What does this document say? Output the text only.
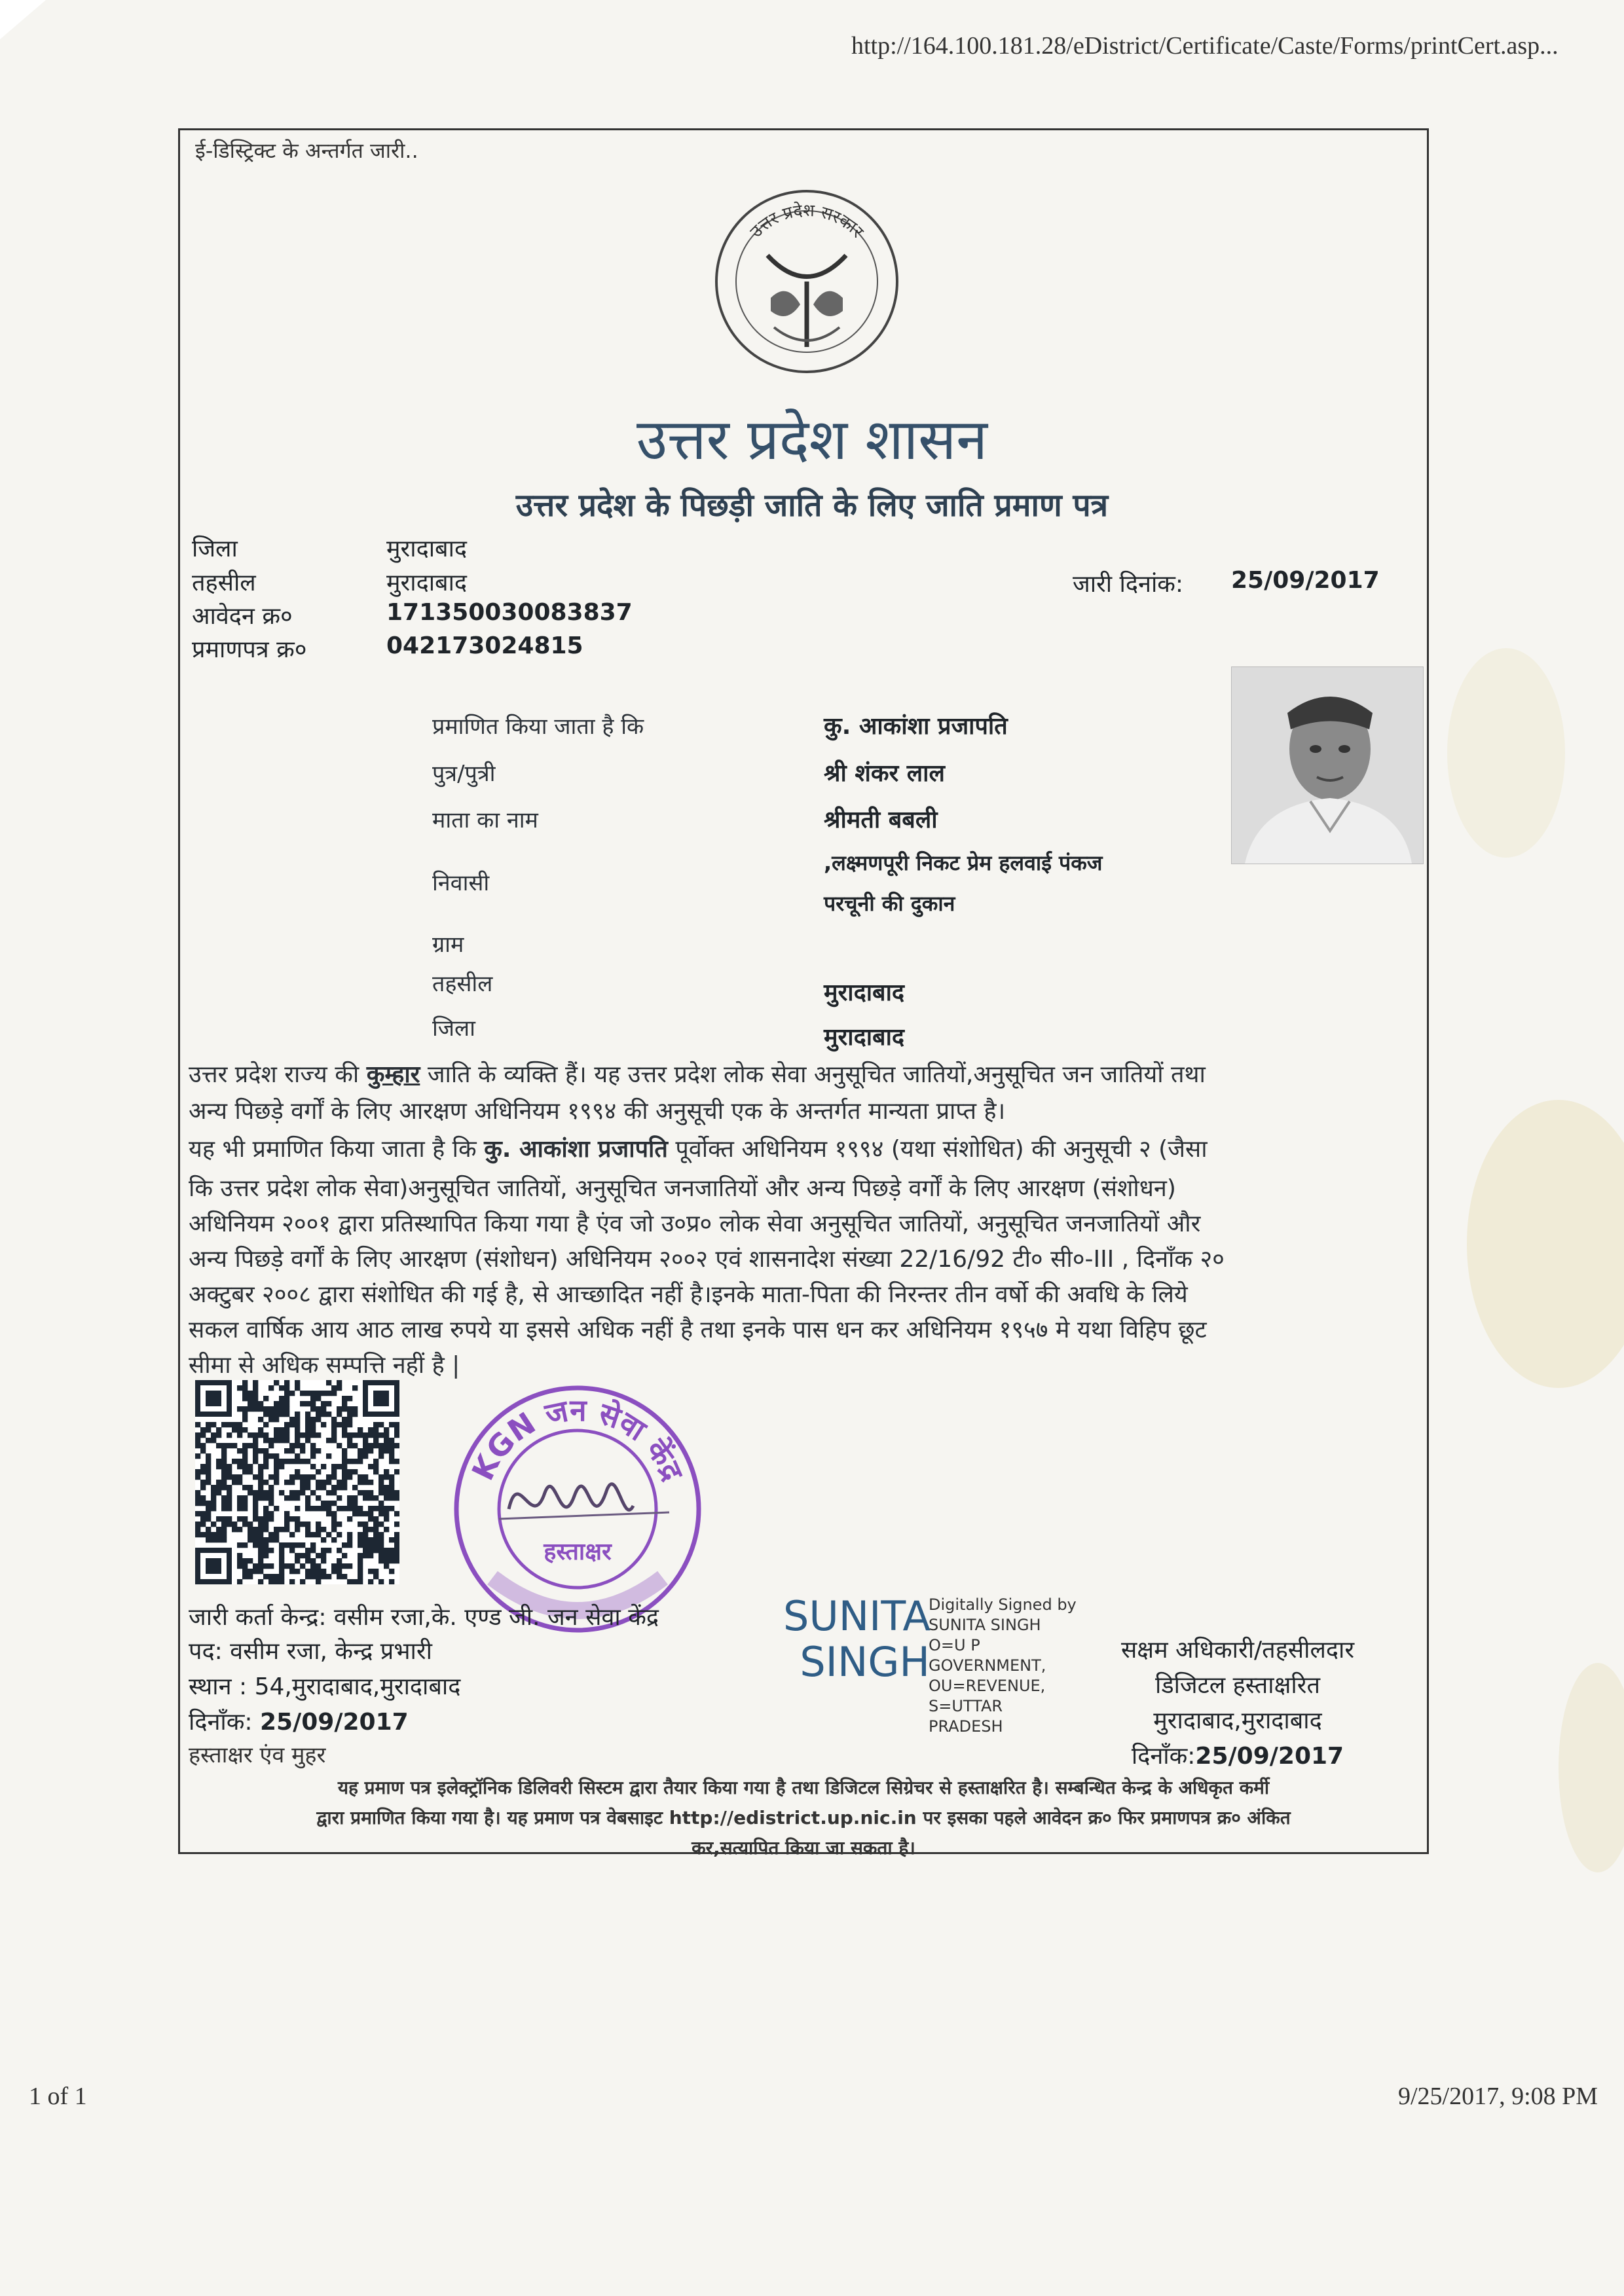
http://164.100.181.28/eDistrict/Certificate/Caste/Forms/printCert.asp...
1 of 1	9/25/2017, 9:08 PM
ई-डिस्ट्रिक्ट के अन्तर्गत जारी..
उत्तर प्रदेश सरकार
उत्तर प्रदेश शासन
उत्तर प्रदेश के पिछड़ी जाति के लिए जाति प्रमाण पत्र
जिला	मुरादाबाद
तहसील	मुरादाबाद
आवेदन क्र०	171350030083837
प्रमाणपत्र क्र०	042173024815
जारी दिनांक: 25/09/2017
प्रमाणित किया जाता है कि	कु. आकांशा प्रजापति
पुत्र/पुत्री	श्री शंकर लाल
माता का नाम	श्रीमती बबली
निवासी
,लक्ष्मणपूरी निकट प्रेम हलवाई पंकज
परचूनी की दुकान
ग्राम
तहसील	मुरादाबाद
जिला	मुरादाबाद
उत्तर प्रदेश राज्य की कुम्हार जाति के व्यक्ति हैं। यह उत्तर प्रदेश लोक सेवा अनुसूचित जातियों,अनुसूचित जन जातियों तथा
अन्य पिछड़े वर्गों के लिए आरक्षण अधिनियम १९९४ की अनुसूची एक के अन्तर्गत मान्यता प्राप्त है।
यह भी प्रमाणित किया जाता है कि कु. आकांशा प्रजापति पूर्वोक्त अधिनियम १९९४ (यथा संशोधित) की अनुसूची २ (जैसा
कि उत्तर प्रदेश लोक सेवा)अनुसूचित जातियों, अनुसूचित जनजातियों और अन्य पिछड़े वर्गों के लिए आरक्षण (संशोधन)
अधिनियम २००१ द्वारा प्रतिस्थापित किया गया है एंव जो उ०प्र० लोक सेवा अनुसूचित जातियों, अनुसूचित जनजातियों और
अन्य पिछड़े वर्गों के लिए आरक्षण (संशोधन) अधिनियम २००२ एवं शासनादेश संख्या 22/16/92 टी० सी०-III , दिनाँक २०
अक्टुबर २००८ द्वारा संशोधित की गई है, से आच्छादित नहीं है।इनके माता-पिता की निरन्तर तीन वर्षो की अवधि के लिये
सकल वार्षिक आय आठ लाख रुपये या इससे अधिक नहीं है तथा इनके पास धन कर अधिनियम १९५७ मे यथा विहिप छूट
सीमा से अधिक सम्पत्ति नहीं है |
KGN जन सेवा केंद्र
हस्ताक्षर
जारी कर्ता केन्द्र: वसीम रजा,के. एण्ड जी. जन सेवा केंद्र
पद: वसीम रजा, केन्द्र प्रभारी
स्थान : 54,मुरादाबाद,मुरादाबाद
दिनाँक: 25/09/2017
हस्ताक्षर एंव मुहर
SUNITA
SINGH
Digitally Signed by
SUNITA SINGH
O=U P
GOVERNMENT,
OU=REVENUE,
S=UTTAR
PRADESH
सक्षम अधिकारी/तहसीलदार
डिजिटल हस्ताक्षरित
मुरादाबाद,मुरादाबाद
दिनाँक:25/09/2017
यह प्रमाण पत्र इलेक्ट्रॉनिक डिलिवरी सिस्टम द्वारा तैयार किया गया है तथा डिजिटल सिग्रेचर से हस्ताक्षरित है। सम्बन्धित केन्द्र के अधिकृत कर्मी
द्वारा प्रमाणित किया गया है। यह प्रमाण पत्र वेबसाइट http://edistrict.up.nic.in पर इसका पहले आवेदन क्र० फिर प्रमाणपत्र क्र० अंकित
कर,सत्यापित किया जा सकता है।
